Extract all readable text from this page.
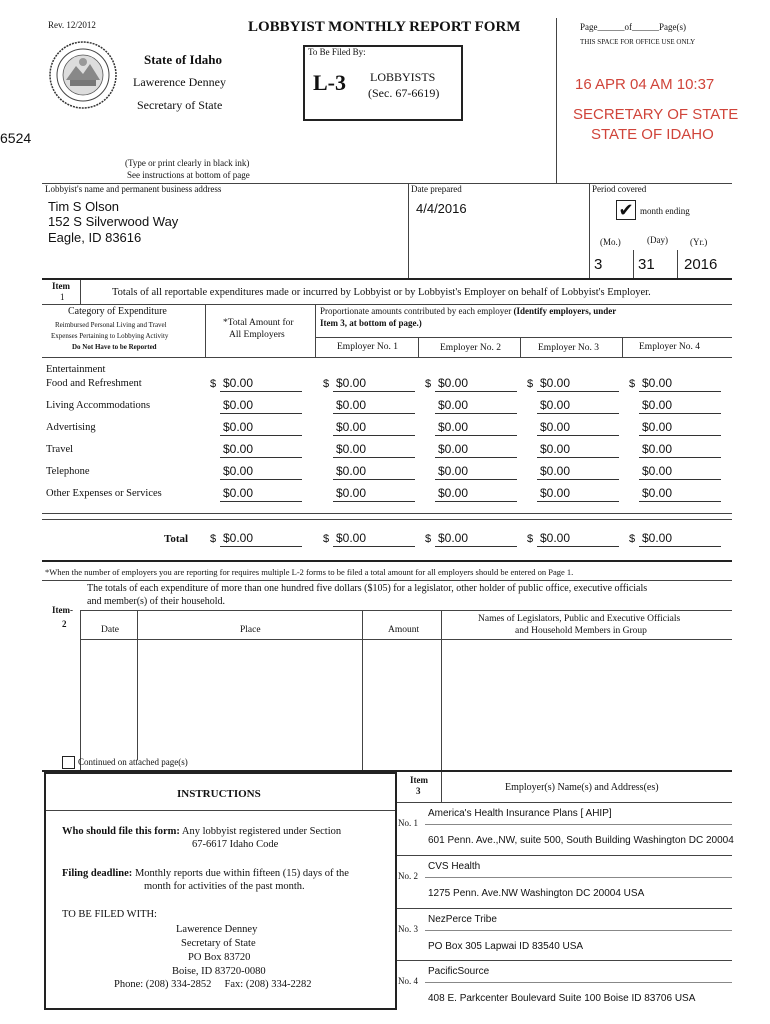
Rev. 12/2012	LOBBYIST MONTHLY REPORT FORM
State of Idaho
Lawerence Denney
Secretary of State
6524
To Be Filed By:
L-3 LOBBYISTS
(Sec. 67-6619)
Page______of______Page(s)
THIS SPACE FOR OFFICE USE ONLY
16 APR 04 AM 10:37
SECRETARY OF STATE
STATE OF IDAHO
(Type or print clearly in black ink)
See instructions at bottom of page
Lobbyist's name and permanent business address
Tim S Olson
152 S Silverwood Way
Eagle, ID 83616
Date prepared
4/4/2016
Period covered
✔ month ending
(Mo.)	(Day) (Yr.)
3 31 2016
Item
1	Totals of all reportable expenditures made or incurred by Lobbyist or by Lobbyist's Employer on behalf of Lobbyist's Employer.
Category of Expenditure
Reimbursed Personal Living and Travel
Expenses Pertaining to Lobbying Activity
Do Not Have to be Reported
*Total Amount for
All Employers
Proportionate amounts contributed by each employer (Identify employers, under
Item 3, at bottom of page.)
Employer No. 1	Employer No. 2	Employer No. 3	Employer No. 4
Entertainment
Food and Refreshment	$ $0.00	$ $0.00	$ $0.00	$ $0.00	$ $0.00
Living Accommodations	$0.00	$0.00	$0.00	$0.00	$0.00
Advertising	$0.00	$0.00	$0.00	$0.00	$0.00
Travel	$0.00	$0.00	$0.00	$0.00	$0.00
Telephone	$0.00	$0.00	$0.00	$0.00	$0.00
Other Expenses or Services	$0.00	$0.00	$0.00	$0.00	$0.00
Total $ $0.00	$ $0.00	$ $0.00	$ $0.00	$ $0.00
*When the number of employers you are reporting for requires multiple L-2 forms to be filed a total amount for all employers should be entered on Page 1.
The totals of each expenditure of more than one hundred five dollars ($105) for a legislator, other holder of public office, executive officials
and member(s) of their household.
Item-
2
Date	Place	Amount
Names of Legislators, Public and Executive Officials
and Household Members in Group
Continued on attached page(s)
INSTRUCTIONS
Who should file this form: Any lobbyist registered under Section
67-6617 Idaho Code
Filing deadline: Monthly reports due within fifteen (15) days of the
month for activities of the past month.
TO BE FILED WITH:
Lawerence Denney
Secretary of State
PO Box 83720
Boise, ID 83720-0080
Phone: (208) 334-2852     Fax: (208) 334-2282
Item
3	Employer(s) Name(s) and Address(es)
No. 1
America's Health Insurance Plans [ AHIP]
601 Penn. Ave.,NW, suite 500, South Building Washington DC 20004
No. 2
CVS Health
1275 Penn. Ave.NW Washington DC 20004 USA
No. 3
NezPerce Tribe
PO Box 305 Lapwai ID 83540 USA
No. 4
PacificSource
408 E. Parkcenter Boulevard Suite 100 Boise ID 83706 USA
